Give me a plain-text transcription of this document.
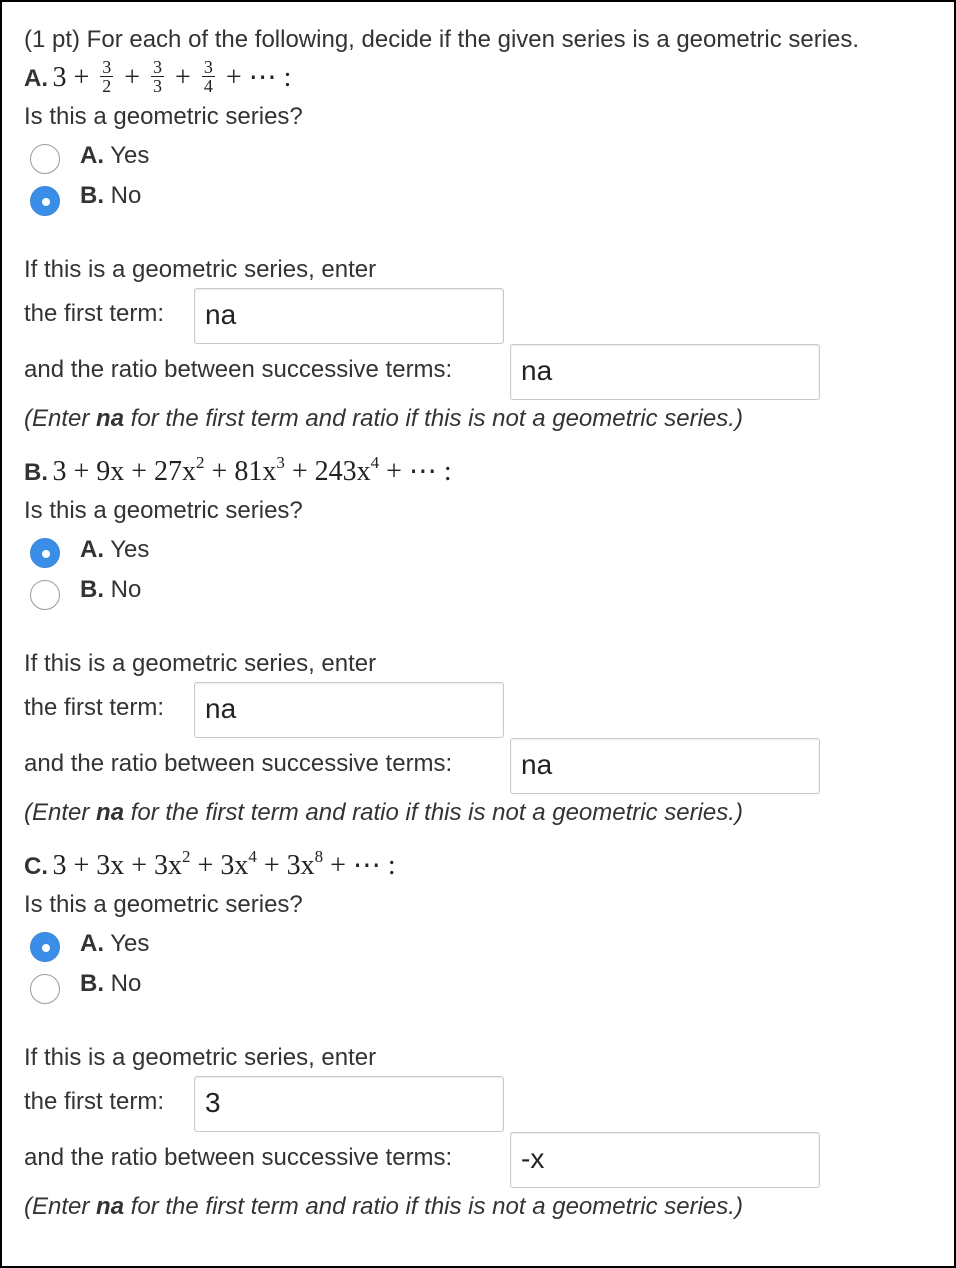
(1 pt) For each of the following, decide if the given series is a geometric series.
A. $3 + \frac{3}{2} + \frac{3}{3} + \frac{3}{4}$ + ⋯ :
Is this a geometric series?
A. Yes
B. No
If this is a geometric series, enter
the first term:	na
and the ratio between successive terms:	na
(Enter na for the first term and ratio if this is not a geometric series.)
B. $3 + 9x + 27x^2 + 81x^3 + 243x^4$ + ⋯ :
Is this a geometric series?
A. Yes
B. No
If this is a geometric series, enter
the first term:	na
and the ratio between successive terms:	na
(Enter na for the first term and ratio if this is not a geometric series.)
C. $3 + 3x + 3x^2 + 3x^4 + 3x^8$ + ⋯ :
Is this a geometric series?
A. Yes
B. No
If this is a geometric series, enter
the first term:	3
and the ratio between successive terms:	-x
(Enter na for the first term and ratio if this is not a geometric series.)
